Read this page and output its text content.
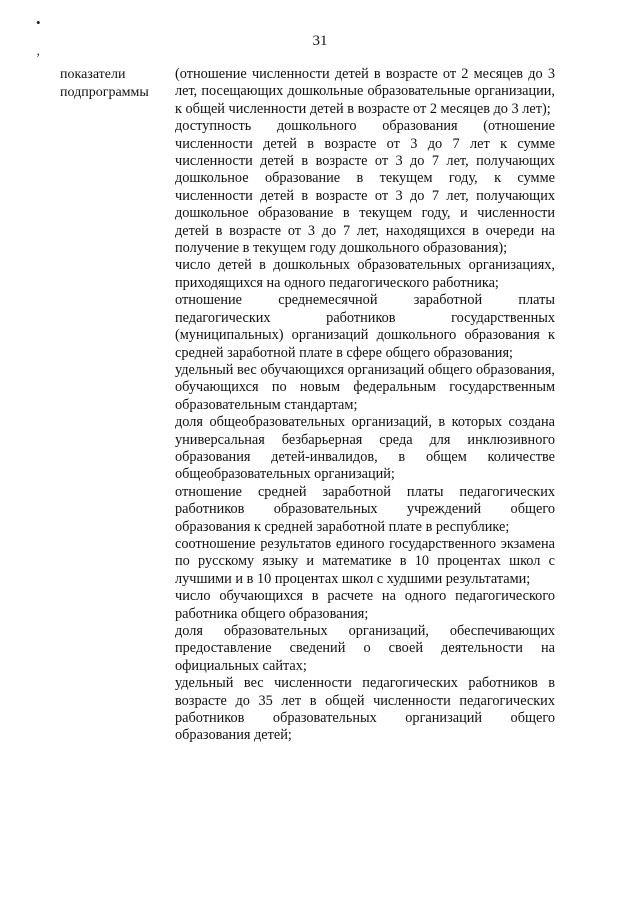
31
•
’
показатели
подпрограммы

(отношение численности детей в возрасте от 2 месяцев до 3 лет, посещающих дошкольные образовательные организации, к общей численности детей в возрасте от 2 месяцев до 3 лет);

доступность дошкольного образования (отношение численности детей в возрасте от 3 до 7 лет к сумме численности детей в возрасте от 3 до 7 лет, получающих дошкольное образование в текущем году, к сумме численности детей в возрасте от 3 до 7 лет, получающих дошкольное образование в текущем году, и численности детей в возрасте от 3 до 7 лет, находящихся в очереди на получение в текущем году дошкольного образования);

число детей в дошкольных образовательных организациях, приходящихся на одного педагогического работника;

отношение среднемесячной заработной платы педагогических работников государственных (муниципальных) организаций дошкольного образования к средней заработной плате в сфере общего образования;

удельный вес обучающихся организаций общего образования, обучающихся по новым федеральным государственным образовательным стандартам;

доля общеобразовательных организаций, в которых создана универсальная безбарьерная среда для инклюзивного образования детей-инвалидов, в общем количестве общеобразовательных организаций;

отношение средней заработной платы педагогических работников образовательных учреждений общего образования к средней заработной плате в республике;

соотношение результатов единого государственного экзамена по русскому языку и математике в 10 процентах школ с лучшими и в 10 процентах школ с худшими результатами;

число обучающихся в расчете на одного педагогического работника общего образования;

доля образовательных организаций, обеспечивающих предоставление сведений о своей деятельности на официальных сайтах;

удельный вес численности педагогических работников в возрасте до 35 лет в общей численности педагогических работников образовательных организаций общего образования детей;
